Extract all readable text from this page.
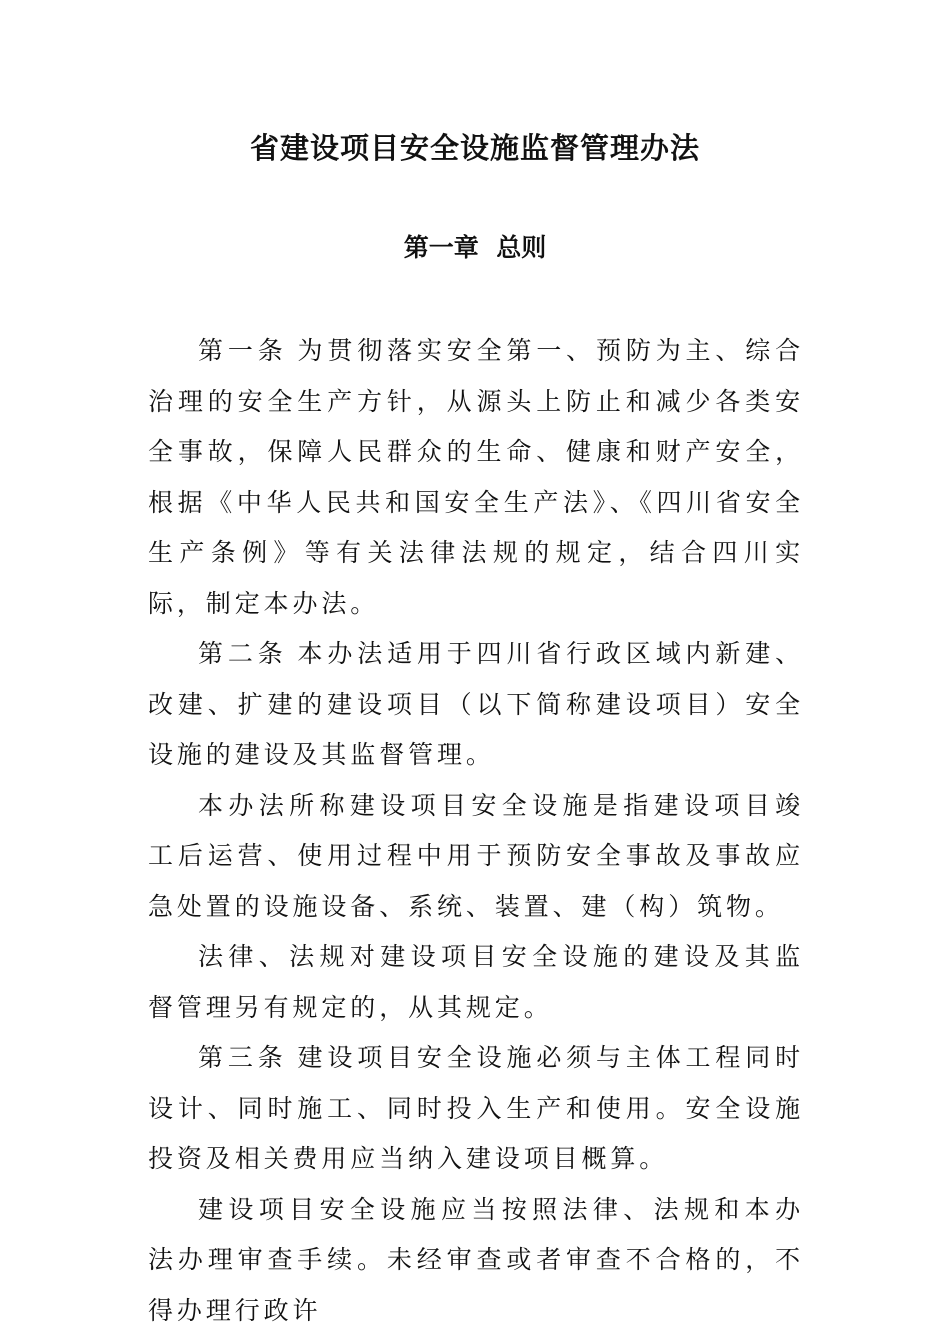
省建设项目安全设施监督管理办法
第一章  总则

第一条 为贯彻落实安全第一、预防为主、综合治理的安全生产方针，从源头上防止和减少各类安全事故，保障人民群众的生命、健康和财产安全，根据《中华人民共和国安全生产法》、《四川省安全生产条例》等有关法律法规的规定，结合四川实际，制定本办法。

第二条 本办法适用于四川省行政区域内新建、改建、扩建的建设项目（以下简称建设项目）安全设施的建设及其监督管理。

本办法所称建设项目安全设施是指建设项目竣工后运营、使用过程中用于预防安全事故及事故应急处置的设施设备、系统、装置、建（构）筑物。

法律、法规对建设项目安全设施的建设及其监督管理另有规定的，从其规定。

第三条 建设项目安全设施必须与主体工程同时设计、同时施工、同时投入生产和使用。安全设施投资及相关费用应当纳入建设项目概算。

建设项目安全设施应当按照法律、法规和本办法办理审查手续。未经审查或者审查不合格的，不得办理行政许
